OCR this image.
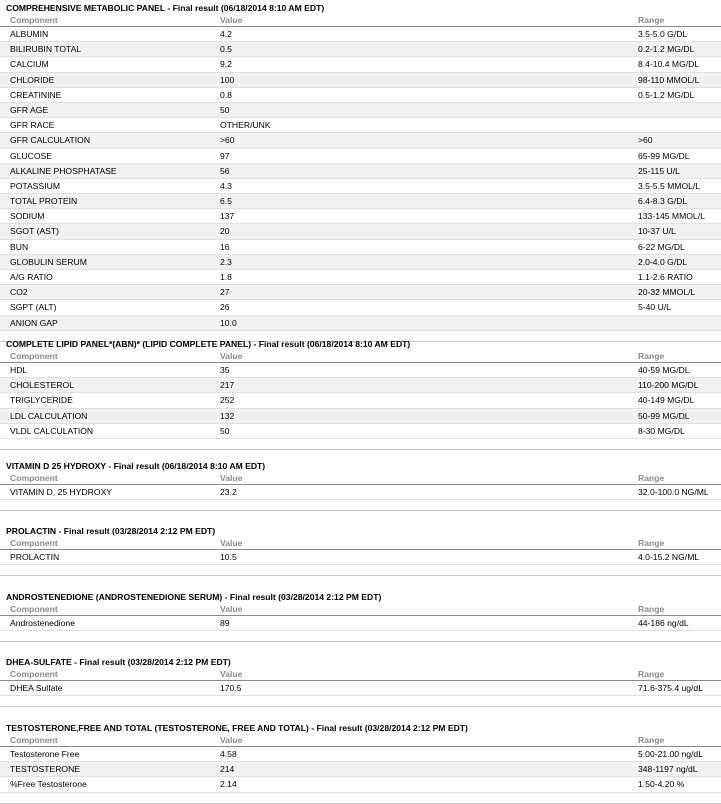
COMPREHENSIVE METABOLIC PANEL - Final result (06/18/2014 8:10 AM EDT)
Component	Value	Range
ALBUMIN	4.2	3.5-5.0 G/DL
BILIRUBIN TOTAL	0.5	0.2-1.2 MG/DL
CALCIUM	9.2	8.4-10.4 MG/DL
CHLORIDE	100	98-110 MMOL/L
CREATININE	0.8	0.5-1.2 MG/DL
GFR AGE	50
GFR RACE	OTHER/UNK
GFR CALCULATION	>60	>60
GLUCOSE	97	65-99 MG/DL
ALKALINE PHOSPHATASE	56	25-115 U/L
POTASSIUM	4.3	3.5-5.5 MMOL/L
TOTAL PROTEIN	6.5	6.4-8.3 G/DL
SODIUM	137	133-145 MMOL/L
SGOT (AST)	20	10-37 U/L
BUN	16	6-22 MG/DL
GLOBULIN SERUM	2.3	2.0-4.0 G/DL
A/G RATIO	1.8	1.1-2.6 RATIO
CO2	27	20-32 MMOL/L
SGPT (ALT)	26	5-40 U/L
ANION GAP	10.0
COMPLETE LIPID PANEL*(ABN)* (LIPID COMPLETE PANEL) - Final result (06/18/2014 8:10 AM EDT)
Component	Value	Range
HDL	35	40-59 MG/DL
CHOLESTEROL	217	110-200 MG/DL
TRIGLYCERIDE	252	40-149 MG/DL
LDL CALCULATION	132	50-99 MG/DL
VLDL CALCULATION	50	8-30 MG/DL
VITAMIN D 25 HYDROXY - Final result (06/18/2014 8:10 AM EDT)
Component	Value	Range
VITAMIN D, 25 HYDROXY	23.2	32.0-100.0 NG/ML
PROLACTIN - Final result (03/28/2014 2:12 PM EDT)
Component	Value	Range
PROLACTIN	10.5	4.0-15.2 NG/ML
ANDROSTENEDIONE (ANDROSTENEDIONE SERUM) - Final result (03/28/2014 2:12 PM EDT)
Component	Value	Range
Androstenedione	89	44-186 ng/dL
DHEA-SULFATE - Final result (03/28/2014 2:12 PM EDT)
Component	Value	Range
DHEA Sulfate	170.5	71.6-375.4 ug/dL
TESTOSTERONE,FREE AND TOTAL (TESTOSTERONE, FREE AND TOTAL) - Final result (03/28/2014 2:12 PM EDT)
Component	Value	Range
Testosterone Free	4.58	5.00-21.00 ng/dL
TESTOSTERONE	214	348-1197 ng/dL
%Free Testosterone	2.14	1.50-4.20 %
